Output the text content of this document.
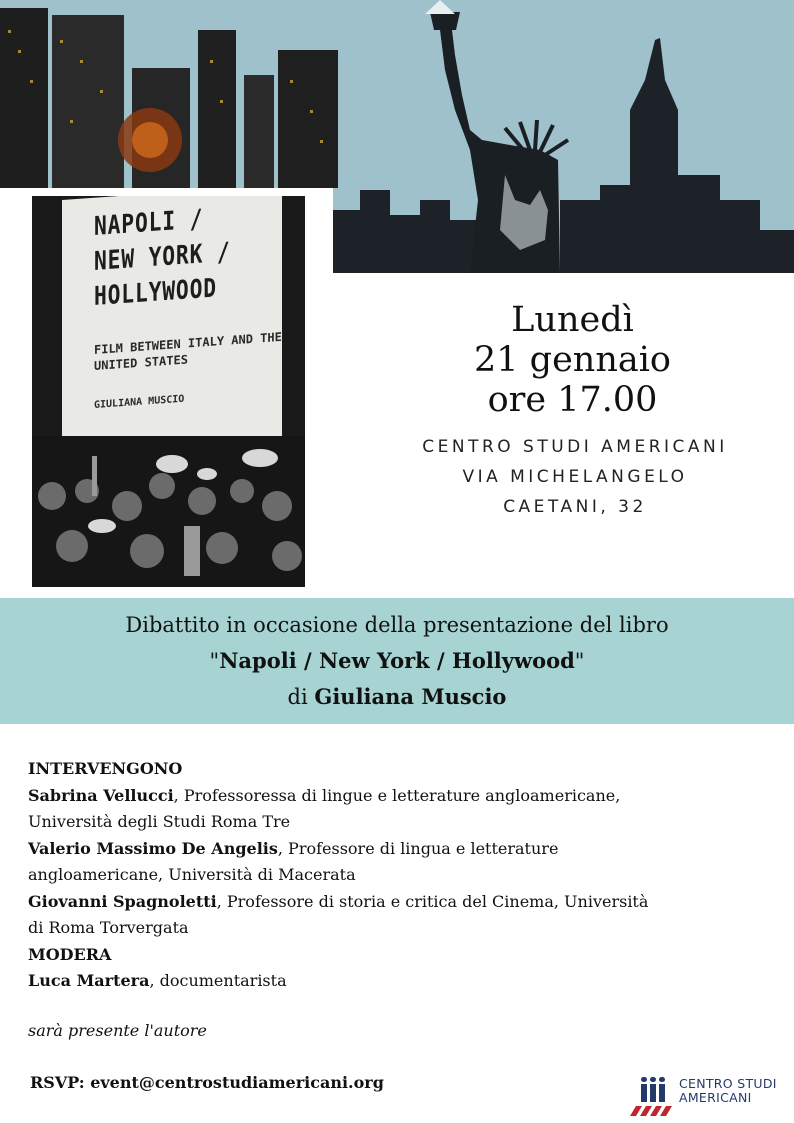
NAPOLI /
NEW YORK /
HOLLYWOOD
FILM BETWEEN ITALY AND THE
UNITED STATES
GIULIANA MUSCIO
Lunedì
21 gennaio
ore 17.00
CENTRO STUDI AMERICANI
VIA MICHELANGELO
CAETANI, 32
Dibattito in occasione della presentazione del libro
"Napoli / New York / Hollywood"
di Giuliana Muscio

INTERVENGONO

Sabrina Vellucci, Professoressa di lingue e letterature angloamericane,

Università degli Studi Roma Tre

Valerio Massimo De Angelis, Professore di lingua e letterature

angloamericane, Università di Macerata

Giovanni Spagnoletti, Professore di storia e critica del Cinema, Università

di Roma Torvergata

MODERA

Luca Martera, documentarista

sarà presente l'autore
RSVP: event@centrostudiamericani.org	CENTRO STUDI
AMERICANI
